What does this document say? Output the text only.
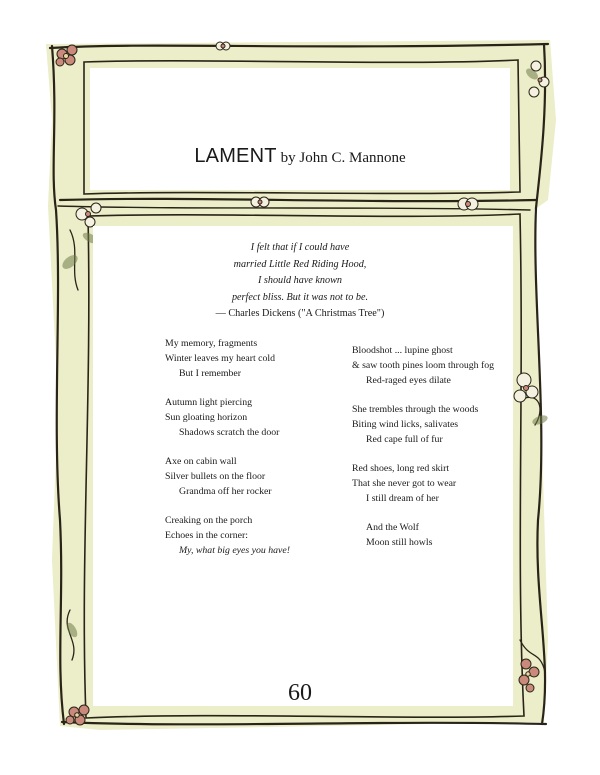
LAMENT by John C. Mannone
I felt that if I could have
married Little Red Riding Hood,
I should have known
perfect bliss. But it was not to be.
— Charles Dickens ("A Christmas Tree")
My memory, fragments
Winter leaves my heart cold
But I remember
Autumn light piercing
Sun gloating horizon
Shadows scratch the door
Axe on cabin wall
Silver bullets on the floor
Grandma off her rocker
Creaking on the porch
Echoes in the corner:
My, what big eyes you have!
Bloodshot ... lupine ghost
& saw tooth pines loom through fog
Red-raged eyes dilate
She trembles through the woods
Biting wind licks, salivates
Red cape full of fur
Red shoes, long red skirt
That she never got to wear
I still dream of her
And the Wolf
Moon still howls
60
